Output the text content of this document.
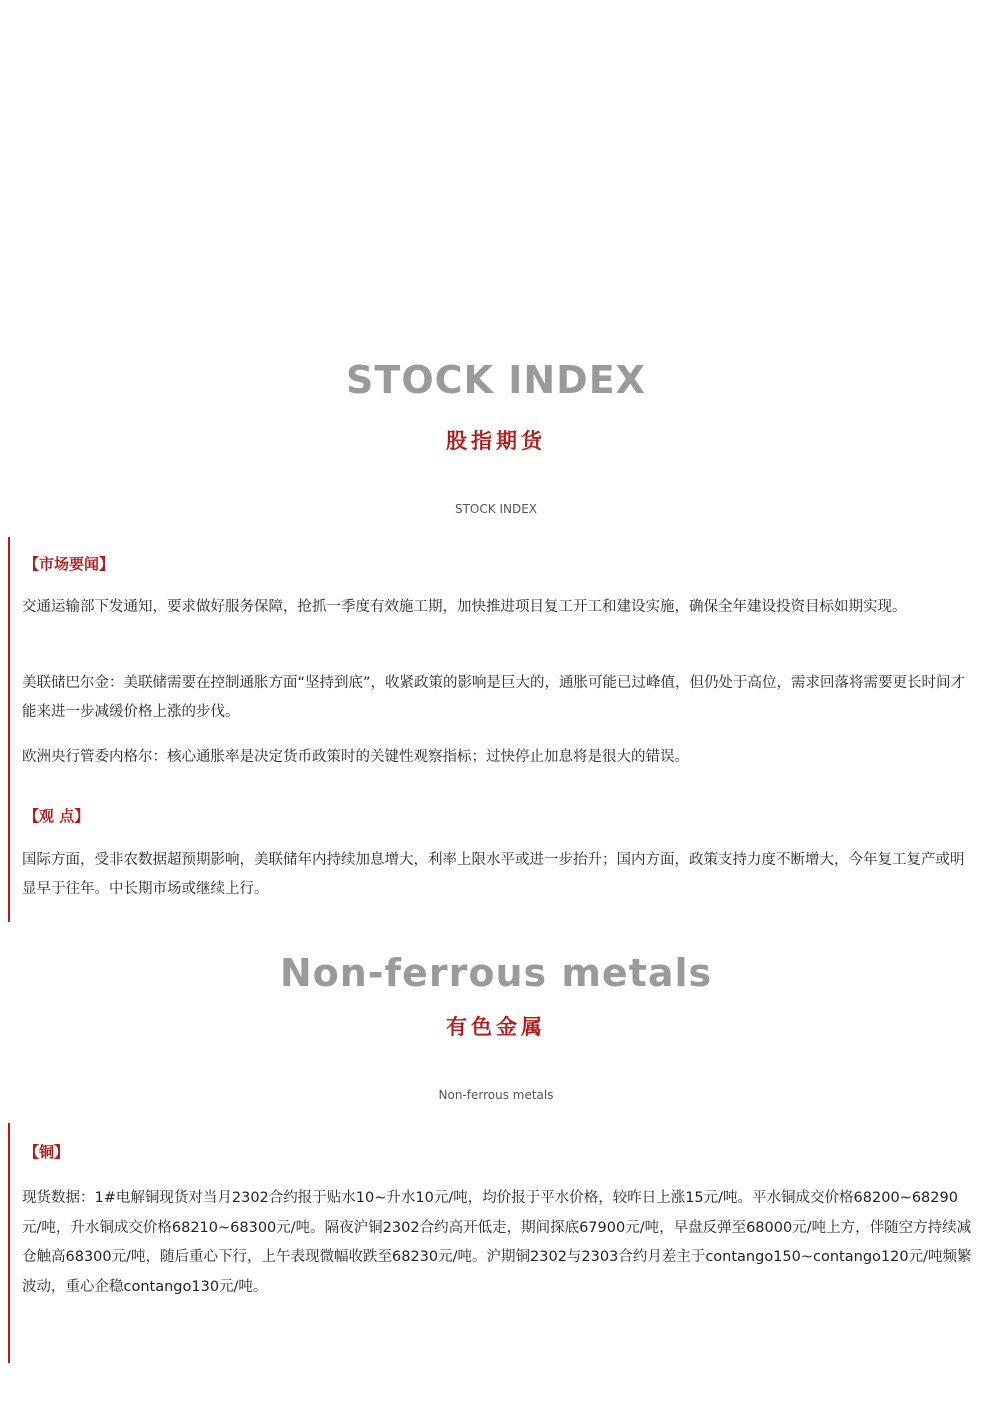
STOCK INDEX
股指期货
STOCK INDEX
【市场要闻】

交通运输部下发通知，要求做好服务保障，抢抓一季度有效施工期，加快推进项目复工开工和建设实施，确保全年建设投资目标如期实现。

美联储巴尔金：美联储需要在控制通胀方面“坚持到底”，收紧政策的影响是巨大的，通胀可能已过峰值，但仍处于高位，需求回落将需要更长时间才能来进一步减缓价格上涨的步伐。

欧洲央行管委内格尔：核心通胀率是决定货币政策时的关键性观察指标；过快停止加息将是很大的错误。

【观 点】

国际方面，受非农数据超预期影响，美联储年内持续加息增大，利率上限水平或进一步抬升；国内方面，政策支持力度不断增大，今年复工复产或明显早于往年。中长期市场或继续上行。

Non-ferrous metals
有色金属
Non-ferrous metals
【铜】

现货数据：1#电解铜现货对当月2302合约报于贴水10~升水10元/吨，均价报于平水价格，较昨日上涨15元/吨。平水铜成交价格68200~68290元/吨，升水铜成交价格68210~68300元/吨。隔夜沪铜2302合约高开低走，期间探底67900元/吨，早盘反弹至68000元/吨上方，伴随空方持续减仓触高68300元/吨，随后重心下行，上午表现微幅收跌至68230元/吨。沪期铜2302与2303合约月差主于contango150~contango120元/吨频繁波动，重心企稳contango130元/吨。
